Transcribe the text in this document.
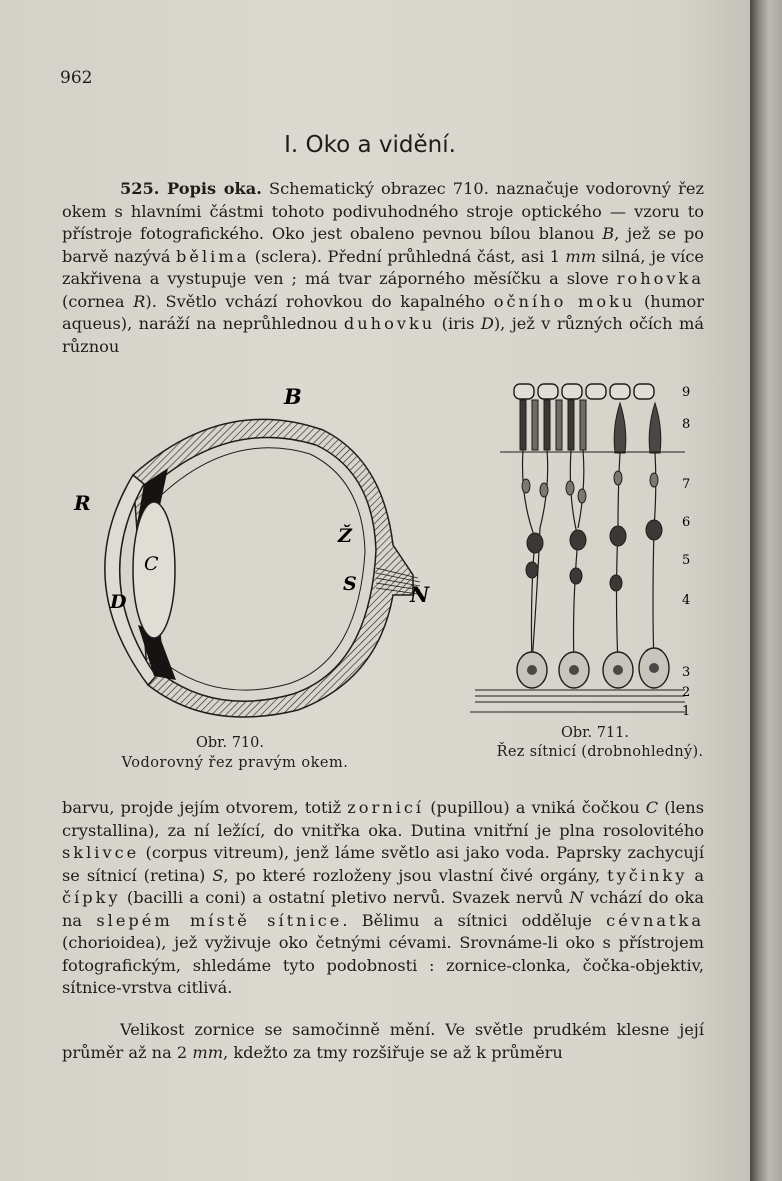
962
I. Oko a vidění.
525. Popis oka. Schematický obrazec 710. naznačuje vodorovný řez okem s hlavními částmi tohoto podivuhodného stroje optického — vzoru to přístroje fotografického. Oko jest obaleno pevnou bílou blanou B, jež se po barvě nazývá bělima (sclera). Přední průhledná část, asi 1 mm silná, je více zakřivena a vystupuje ven ; má tvar záporného měsíčku a slove rohovka (cornea R). Světlo vchází rohovkou do kapalného očního moku (humor aqueus), naráží na neprůhlednou duhovku (iris D), jež v různých očích má různou
B
R
C
D
Ž
S	N
9
8
7
6
5
4
3
2
1
Obr. 710.
Vodorovný řez pravým okem.
Obr. 711.
Řez sítnicí (drobnohledný).
barvu, projde jejím otvorem, totiž zornicí (pupillou) a vniká čočkou C (lens crystallina), za ní ležící, do vnitřka oka. Dutina vnitřní je plna rosolovitého sklivce (corpus vitreum), jenž láme světlo asi jako voda. Paprsky zachycují se sítnicí (retina) S, po které rozloženy jsou vlastní čivé orgány, tyčinky a čípky (bacilli a coni) a ostatní pletivo nervů. Svazek nervů N vchází do oka na slepém místě sítnice. Bělimu a sítnici odděluje cévnatka (chorioidea), jež vyživuje oko četnými cévami. Srovnáme-li oko s přístrojem fotografickým, shledáme tyto podobnosti : zornice-clonka, čočka-objektiv, sítnice-vrstva citlivá.
Velikost zornice se samočinně mění. Ve světle prudkém klesne její průměr až na 2 mm, kdežto za tmy rozšiřuje se až k průměru
